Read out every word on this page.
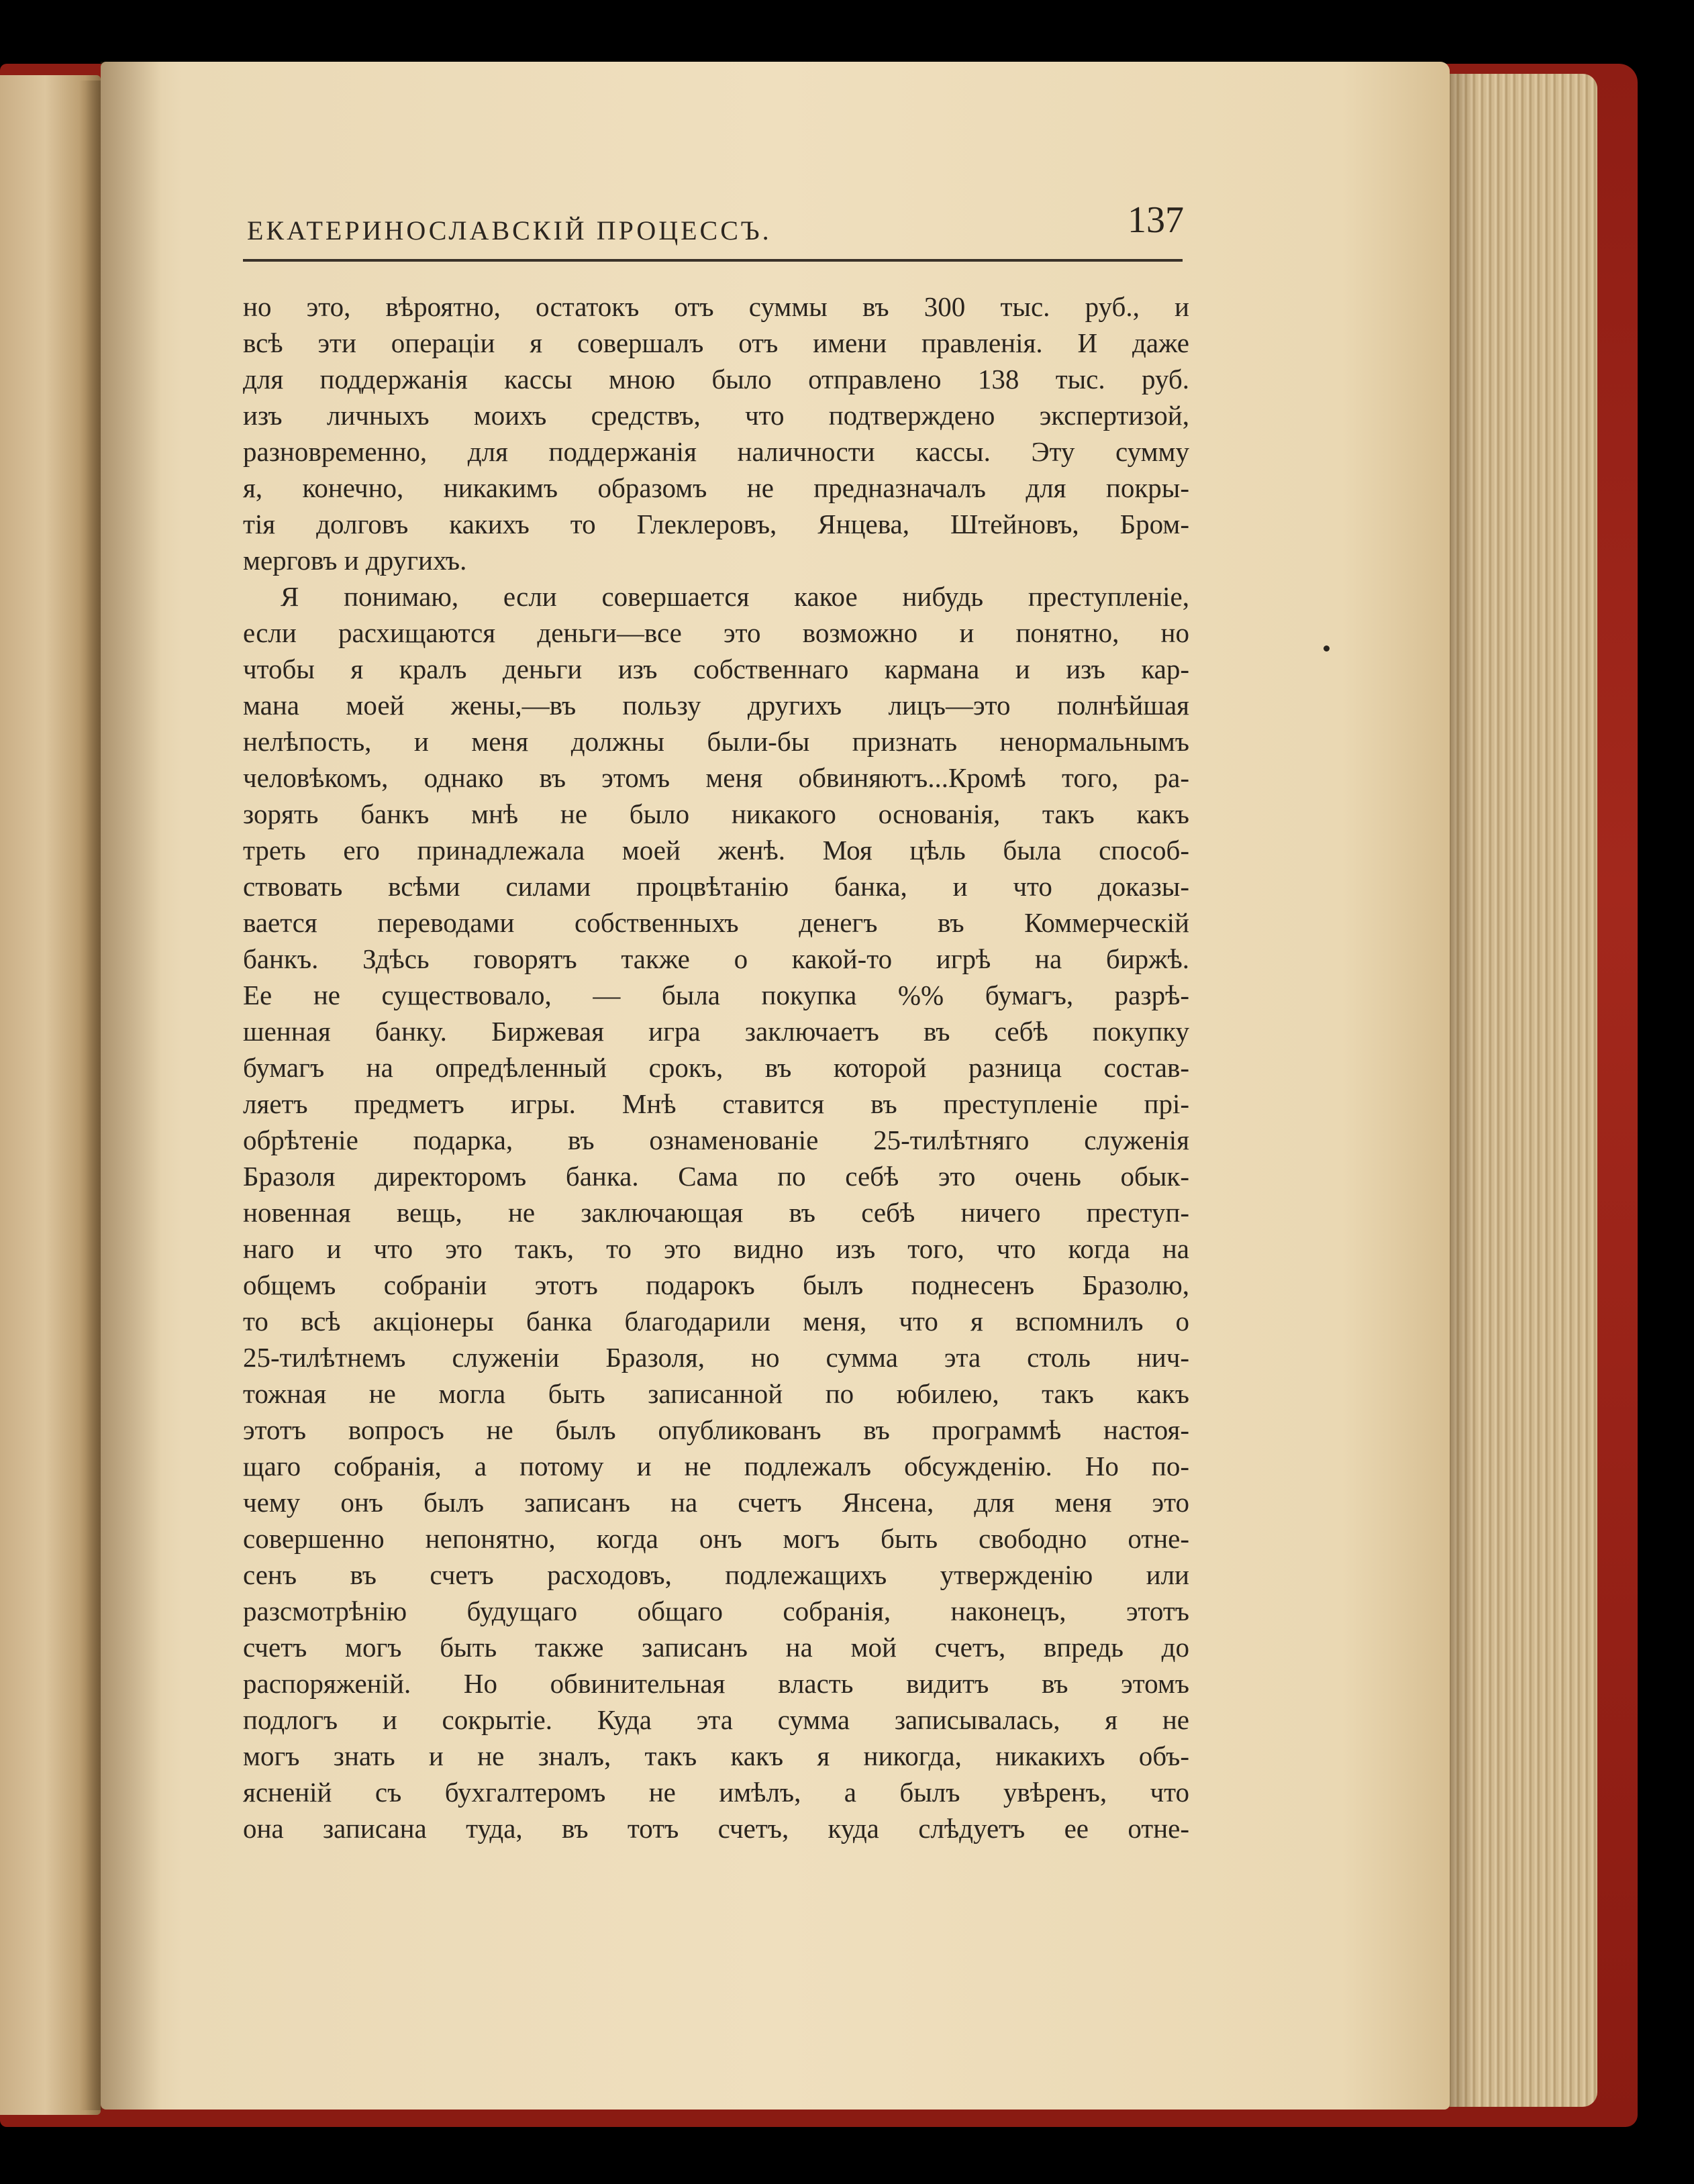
ЕКАТЕРИНОСЛАВСКІЙ ПРОЦЕССЪ.	137
но это, вѣроятно, остатокъ отъ суммы въ 300 тыс. руб., и
всѣ эти операціи я совершалъ отъ имени правленія. И даже
для поддержанія кассы мною было отправлено 138 тыс. руб.
изъ личныхъ моихъ средствъ, что подтверждено экспертизой,
разновременно, для поддержанія наличности кассы. Эту сумму
я, конечно, никакимъ образомъ не предназначалъ для покры-
тія долговъ какихъ то Глеклеровъ, Янцева, Штейновъ, Бром-
мерговъ и другихъ.
Я понимаю, если совершается какое нибудь преступленіе,
если расхищаются деньги—все это возможно и понятно, но
чтобы я кралъ деньги изъ собственнаго кармана и изъ кар-
мана моей жены,—въ пользу другихъ лицъ—это полнѣйшая
нелѣпость, и меня должны были-бы признать ненормальнымъ
человѣкомъ, однако въ этомъ меня обвиняютъ...Кромѣ того, ра-
зорять банкъ мнѣ не было никакого основанія, такъ какъ
треть его принадлежала моей женѣ. Моя цѣль была способ-
ствовать всѣми силами процвѣтанію банка, и что доказы-
вается переводами собственныхъ денегъ въ Коммерческій
банкъ. Здѣсь говорятъ также о какой-то игрѣ на биржѣ.
Ее не существовало, — была покупка %% бумагъ, разрѣ-
шенная банку. Биржевая игра заключаетъ въ себѣ покупку
бумагъ на опредѣленный срокъ, въ которой разница состав-
ляетъ предметъ игры. Мнѣ ставится въ преступленіе прі-
обрѣтеніе подарка, въ ознаменованіе 25-тилѣтняго служенія
Бразоля директоромъ банка. Сама по себѣ это очень обык-
новенная вещь, не заключающая въ себѣ ничего преступ-
наго и что это такъ, то это видно изъ того, что когда на
общемъ собраніи этотъ подарокъ былъ поднесенъ Бразолю,
то всѣ акціонеры банка благодарили меня, что я вспомнилъ о
25-тилѣтнемъ служеніи Бразоля, но сумма эта столь нич-
тожная не могла быть записанной по юбилею, такъ какъ
этотъ вопросъ не былъ опубликованъ въ программѣ настоя-
щаго собранія, а потому и не подлежалъ обсужденію. Но по-
чему онъ былъ записанъ на счетъ Янсена, для меня это
совершенно непонятно, когда онъ могъ быть свободно отне-
сенъ въ счетъ расходовъ, подлежащихъ утвержденію или
разсмотрѣнію будущаго общаго собранія, наконецъ, этотъ
счетъ могъ быть также записанъ на мой счетъ, впредь до
распоряженій. Но обвинительная власть видитъ въ этомъ
подлогъ и сокрытіе. Куда эта сумма записывалась, я не
могъ знать и не зналъ, такъ какъ я никогда, никакихъ объ-
ясненій съ бухгалтеромъ не имѣлъ, а былъ увѣренъ, что
она записана туда, въ тотъ счетъ, куда слѣдуетъ ее отне-
